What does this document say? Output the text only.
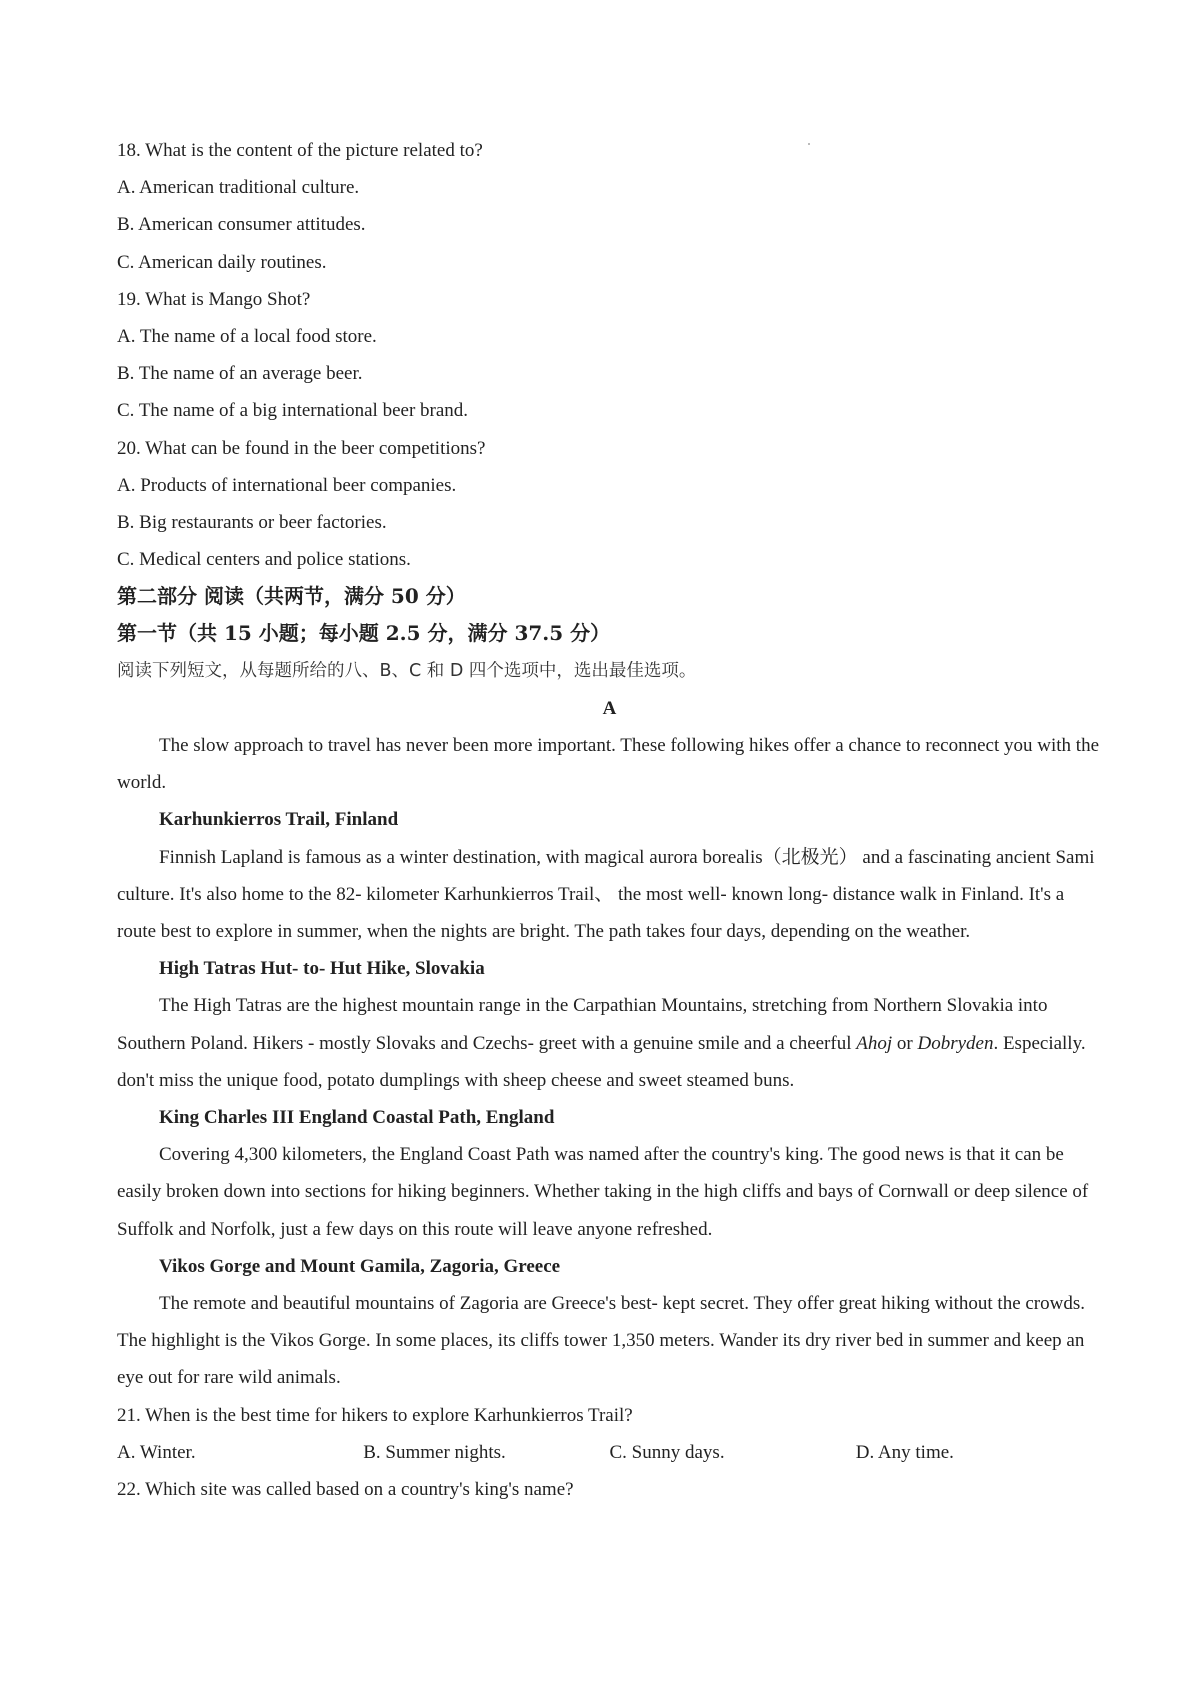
18. What is the content of the picture related to?
A. American traditional culture.
B. American consumer attitudes.
C. American daily routines.
19. What is Mango Shot?
A. The name of a local food store.
B. The name of an average beer.
C. The name of a big international beer brand.
20. What can be found in the beer competitions?
A. Products of international beer companies.
B. Big restaurants or beer factories.
C. Medical centers and police stations.
第二部分 阅读（共两节，满分 50 分）
第一节（共 15 小题；每小题 2.5 分，满分 37.5 分）
阅读下列短文，从每题所给的八、B、C 和 D 四个选项中，选出最佳选项。
A

The slow approach to travel has never been more important. These following hikes offer a chance to reconnect you with the world.

Karhunkierros Trail, Finland

Finnish Lapland is famous as a winter destination, with magical aurora borealis（北极光） and a fascinating ancient Sami culture. It's also home to the 82- kilometer Karhunkierros Trail、 the most well- known long- distance walk in Finland. It's a route best to explore in summer, when the nights are bright. The path takes four days, depending on the weather.

High Tatras Hut- to- Hut Hike, Slovakia

The High Tatras are the highest mountain range in the Carpathian Mountains, stretching from Northern Slovakia into Southern Poland. Hikers - mostly Slovaks and Czechs- greet with a genuine smile and a cheerful Ahoj or Dobryden. Especially. don't miss the unique food, potato dumplings with sheep cheese and sweet steamed buns.

King Charles III England Coastal Path, England

Covering 4,300 kilometers, the England Coast Path was named after the country's king. The good news is that it can be easily broken down into sections for hiking beginners. Whether taking in the high cliffs and bays of Cornwall or deep silence of Suffolk and Norfolk, just a few days on this route will leave anyone refreshed.

Vikos Gorge and Mount Gamila, Zagoria, Greece

The remote and beautiful mountains of Zagoria are Greece's best- kept secret. They offer great hiking without the crowds. The highlight is the Vikos Gorge. In some places, its cliffs tower 1,350 meters. Wander its dry river bed in summer and keep an eye out for rare wild animals.

21. When is the best time for hikers to explore Karhunkierros Trail?
A. Winter.	B. Summer nights.	C. Sunny days.	D. Any time.
22. Which site was called based on a country's king's name?
